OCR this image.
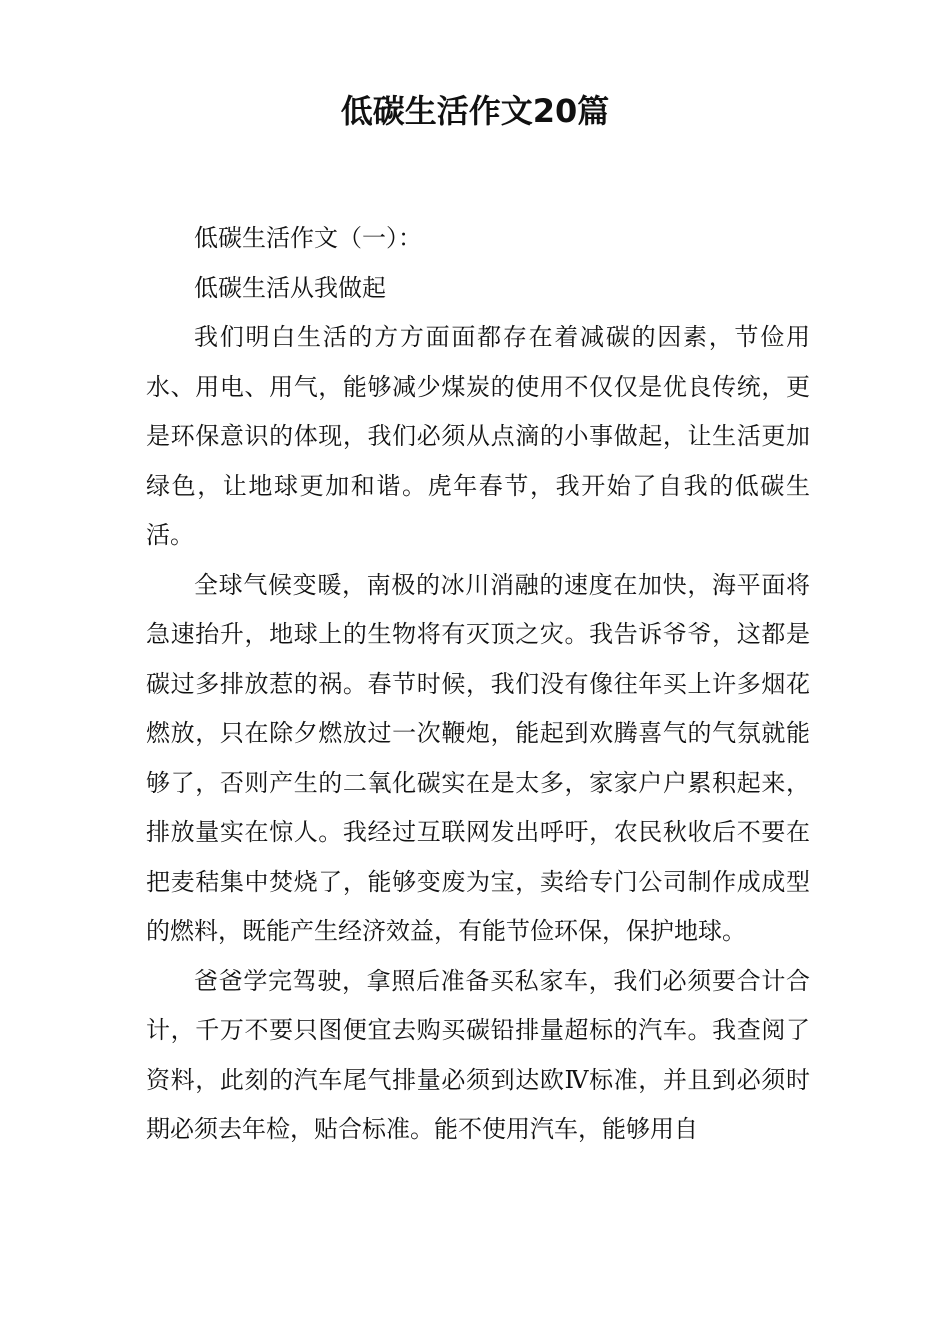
低碳生活作文20篇

低碳生活作文（一）：

低碳生活从我做起

我们明白生活的方方面面都存在着减碳的因素，节俭用水、用电、用气，能够减少煤炭的使用不仅仅是优良传统，更是环保意识的体现，我们必须从点滴的小事做起，让生活更加绿色，让地球更加和谐。虎年春节，我开始了自我的低碳生活。

全球气候变暖，南极的冰川消融的速度在加快，海平面将急速抬升，地球上的生物将有灭顶之灾。我告诉爷爷，这都是碳过多排放惹的祸。春节时候，我们没有像往年买上许多烟花燃放，只在除夕燃放过一次鞭炮，能起到欢腾喜气的气氛就能够了，否则产生的二氧化碳实在是太多，家家户户累积起来，排放量实在惊人。我经过互联网发出呼吁，农民秋收后不要在把麦秸集中焚烧了，能够变废为宝，卖给专门公司制作成成型的燃料，既能产生经济效益，有能节俭环保，保护地球。

爸爸学完驾驶，拿照后准备买私家车，我们必须要合计合计，千万不要只图便宜去购买碳铅排量超标的汽车。我查阅了资料，此刻的汽车尾气排量必须到达欧Ⅳ标准，并且到必须时期必须去年检，贴合标准。能不使用汽车，能够用自
